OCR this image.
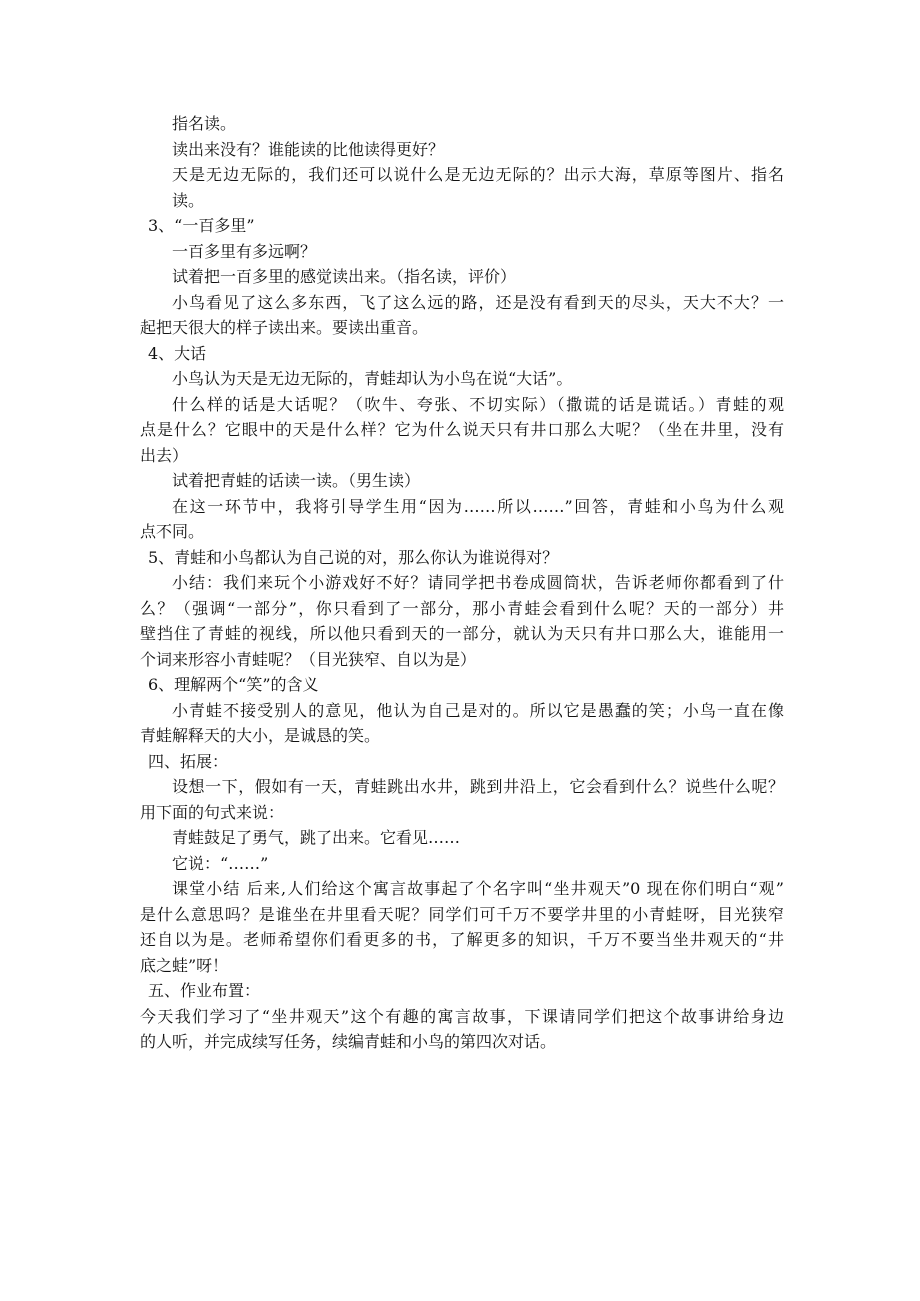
指名读。

读出来没有？谁能读的比他读得更好？

天是无边无际的，我们还可以说什么是无边无际的？出示大海，草原等图片、指名

读。

3、“一百多里”

一百多里有多远啊？

试着把一百多里的感觉读出来。（指名读，评价）

小鸟看见了这么多东西，飞了这么远的路，还是没有看到天的尽头，天大不大？一

起把天很大的样子读出来。要读出重音。

4、大话

小鸟认为天是无边无际的，青蛙却认为小鸟在说“大话”。

什么样的话是大话呢？（吹牛、夸张、不切实际）（撒谎的话是谎话。）青蛙的观

点是什么？它眼中的天是什么样？它为什么说天只有井口那么大呢？（坐在井里，没有

出去）

试着把青蛙的话读一读。（男生读）

在这一环节中，我将引导学生用“因为……所以……”回答，青蛙和小鸟为什么观

点不同。

5、青蛙和小鸟都认为自己说的对，那么你认为谁说得对？

小结：我们来玩个小游戏好不好？请同学把书卷成圆筒状，告诉老师你都看到了什

么？（强调“一部分”，你只看到了一部分，那小青蛙会看到什么呢？天的一部分）井

壁挡住了青蛙的视线，所以他只看到天的一部分，就认为天只有井口那么大，谁能用一

个词来形容小青蛙呢？（目光狭窄、自以为是）

6、理解两个“笑”的含义

小青蛙不接受别人的意见，他认为自己是对的。所以它是愚蠢的笑；小鸟一直在像

青蛙解释天的大小，是诚恳的笑。

四、拓展：

设想一下，假如有一天，青蛙跳出水井，跳到井沿上，它会看到什么？说些什么呢？

用下面的句式来说：

青蛙鼓足了勇气，跳了出来。它看见……

它说：“……”

课堂小结 后来,人们给这个寓言故事起了个名字叫“坐井观天”0 现在你们明白“观”

是什么意思吗？是谁坐在井里看天呢？同学们可千万不要学井里的小青蛙呀，目光狭窄

还自以为是。老师希望你们看更多的书，了解更多的知识，千万不要当坐井观天的“井

底之蛙”呀！

五、作业布置：

今天我们学习了“坐井观天”这个有趣的寓言故事，下课请同学们把这个故事讲给身边

的人听，并完成续写任务，续编青蛙和小鸟的第四次对话。
